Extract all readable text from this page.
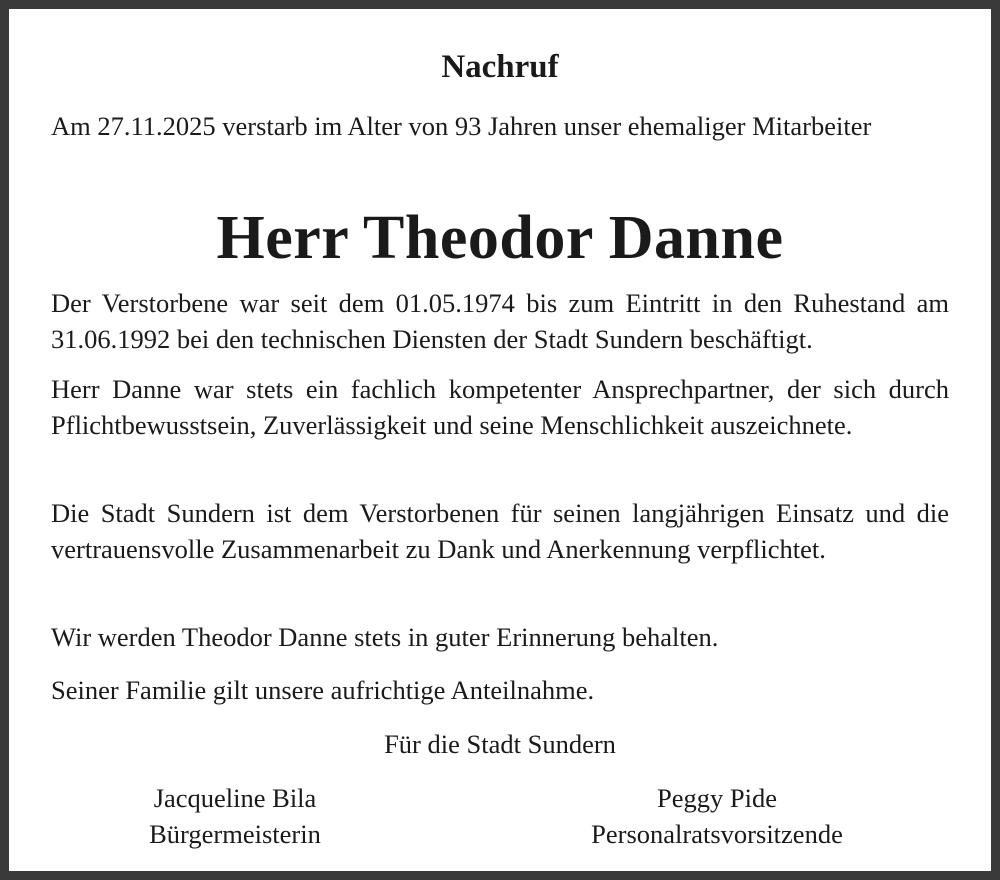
Nachruf

Am 27.11.2025 verstarb im Alter von 93 Jahren unser ehemaliger Mitarbeiter

Herr Theodor Danne

Der Verstorbene war seit dem 01.05.1974 bis zum Eintritt in den Ruhestand am 31.06.1992 bei den technischen Diensten der Stadt Sundern beschäftigt.

Herr Danne war stets ein fachlich kompetenter Ansprechpartner, der sich durch Pflichtbewusstsein, Zuverlässigkeit und seine Menschlichkeit auszeichnete.

Die Stadt Sundern ist dem Verstorbenen für seinen langjährigen Einsatz und die vertrauensvolle Zusammenarbeit zu Dank und Anerkennung verpflichtet.

Wir werden Theodor Danne stets in guter Erinnerung behalten.

Seiner Familie gilt unsere aufrichtige Anteilnahme.

Für die Stadt Sundern
Jacqueline Bila
Bürgermeisterin
Peggy Pide
Personalratsvorsitzende
